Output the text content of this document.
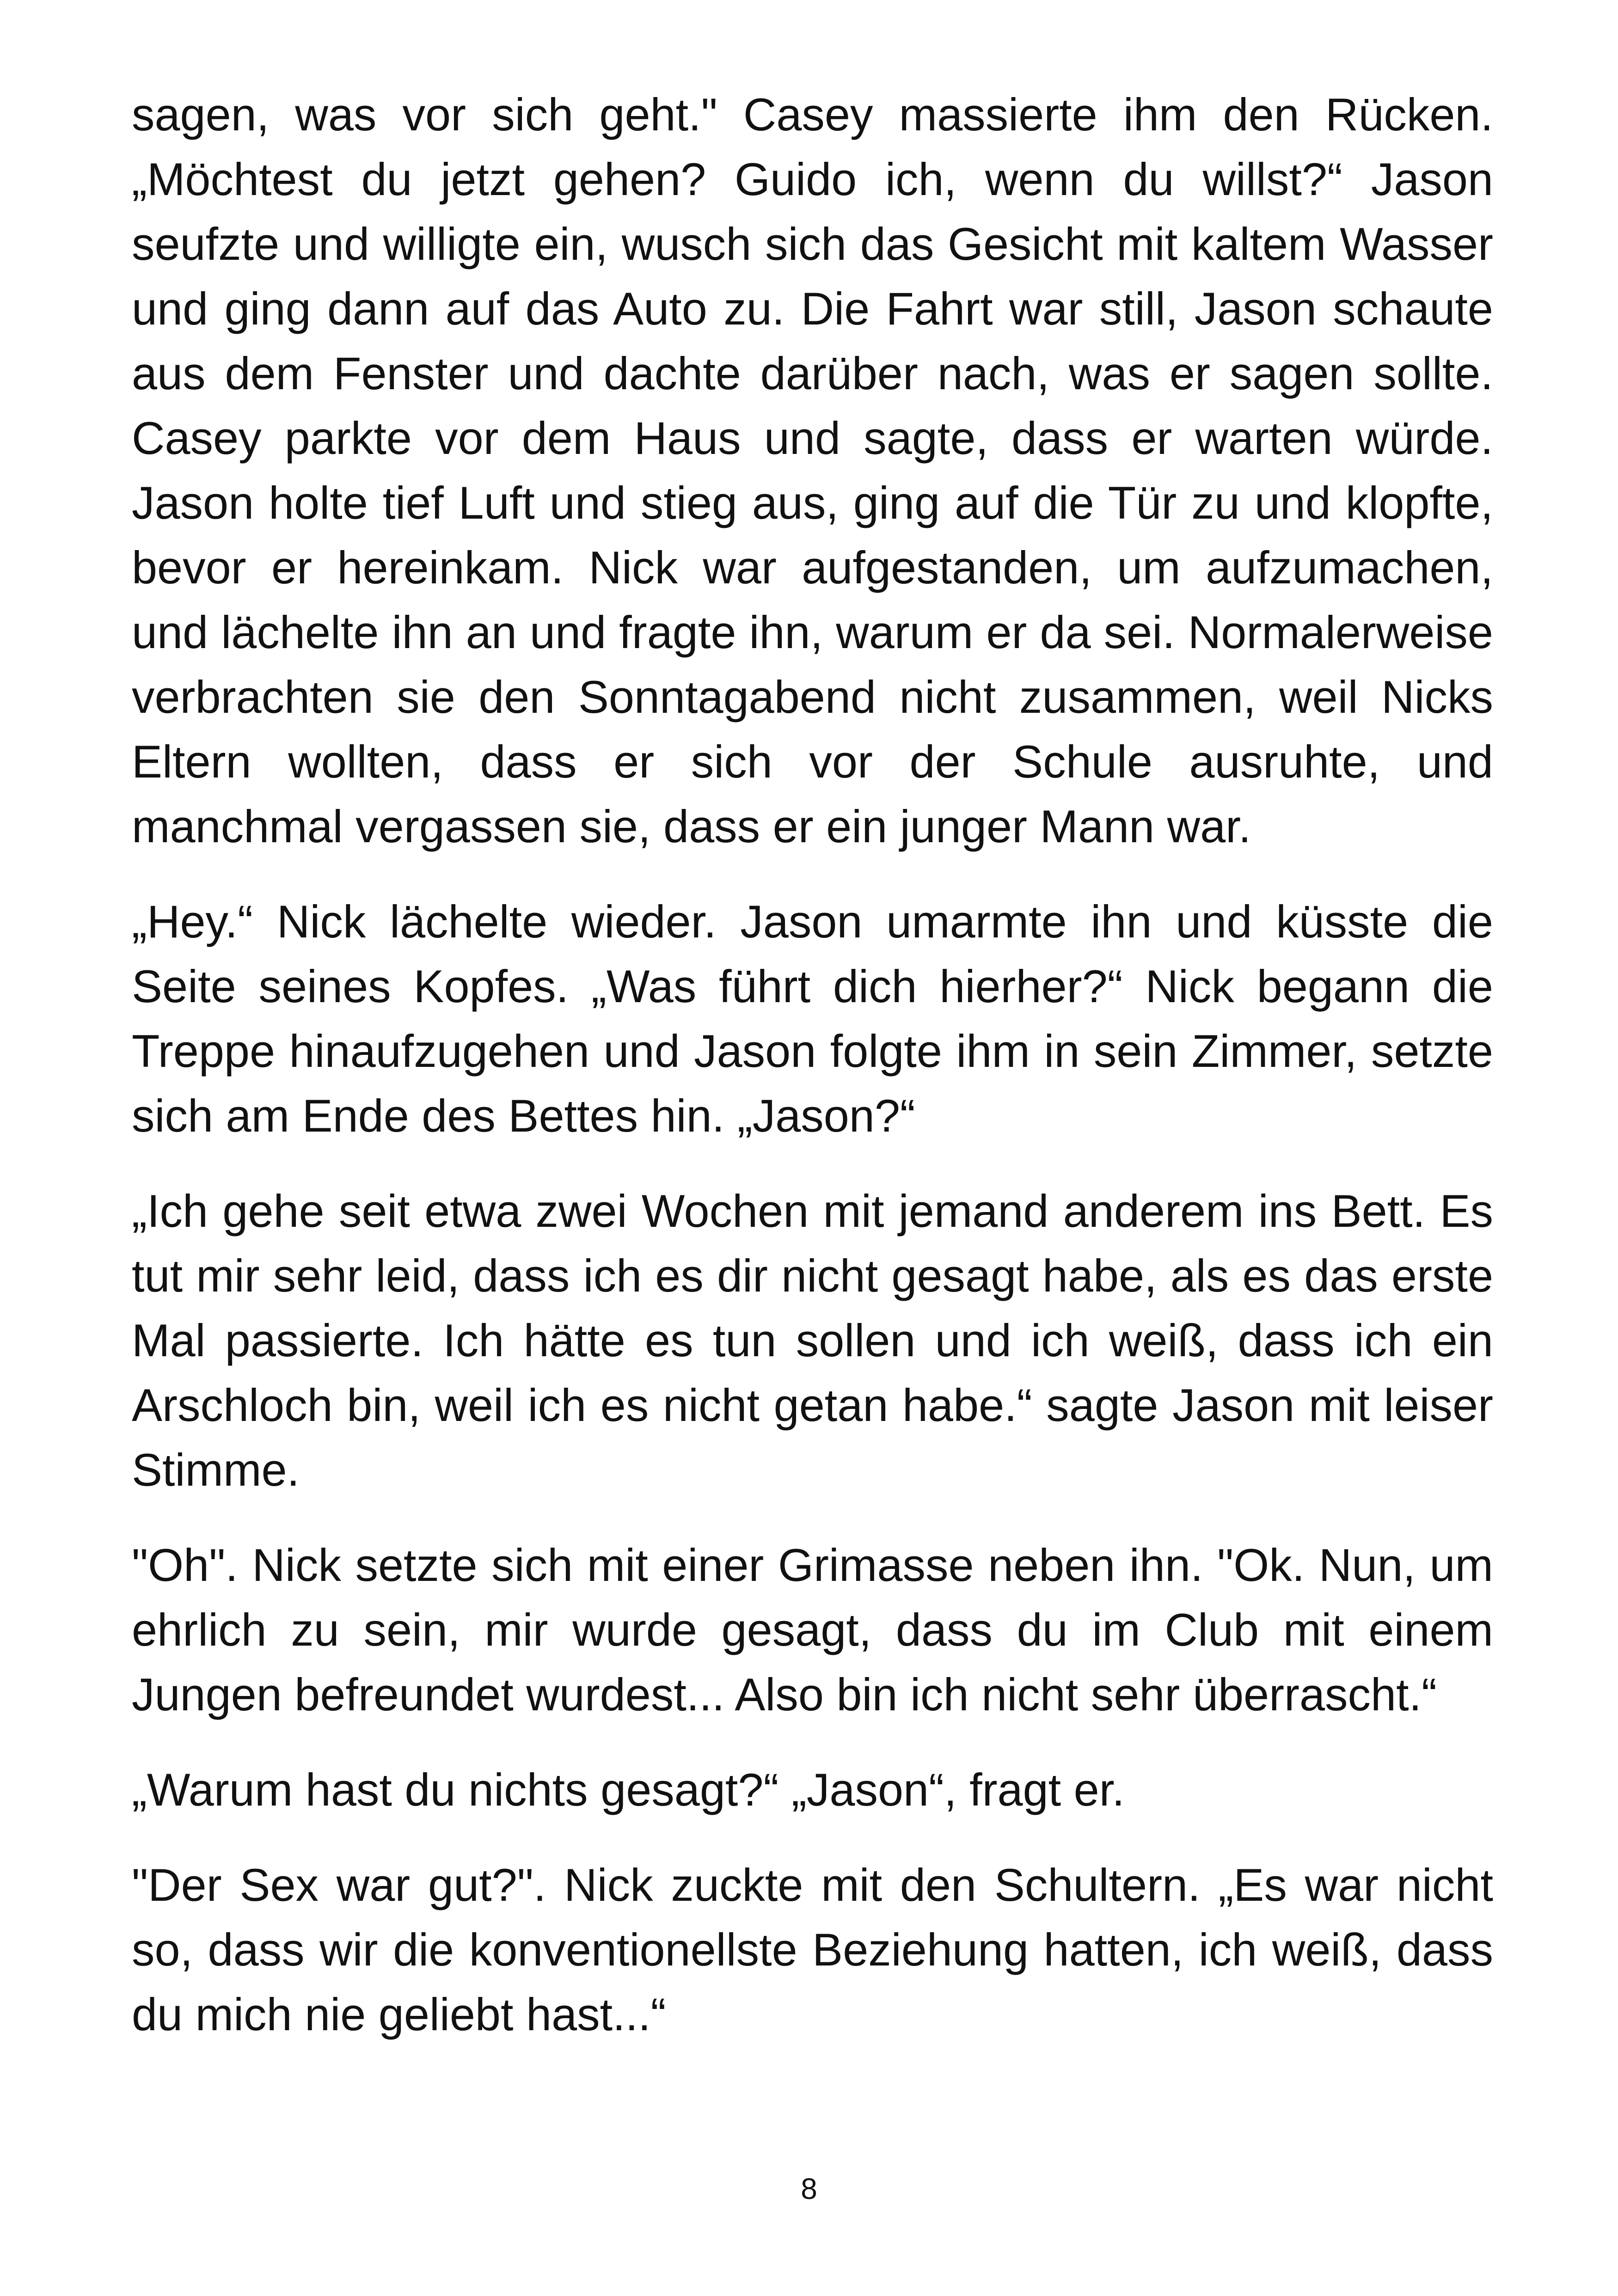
sagen, was vor sich geht." Casey massierte ihm den Rücken. „Möchtest du jetzt gehen? Guido ich, wenn du willst?“ Jason seufzte und willigte ein, wusch sich das Gesicht mit kaltem Wasser und ging dann auf das Auto zu. Die Fahrt war still, Jason schaute aus dem Fenster und dachte darüber nach, was er sagen sollte. Casey parkte vor dem Haus und sagte, dass er warten würde. Jason holte tief Luft und stieg aus, ging auf die Tür zu und klopfte, bevor er hereinkam. Nick war aufgestanden, um aufzumachen, und lächelte ihn an und fragte ihn, warum er da sei. Normalerweise verbrachten sie den Sonntagabend nicht zusammen, weil Nicks Eltern wollten, dass er sich vor der Schule ausruhte, und manchmal vergassen sie, dass er ein junger Mann war.

„Hey.“ Nick lächelte wieder. Jason umarmte ihn und küsste die Seite seines Kopfes. „Was führt dich hierher?“ Nick begann die Treppe hinaufzugehen und Jason folgte ihm in sein Zimmer, setzte sich am Ende des Bettes hin. „Jason?“

„Ich gehe seit etwa zwei Wochen mit jemand anderem ins Bett. Es tut mir sehr leid, dass ich es dir nicht gesagt habe, als es das erste Mal passierte. Ich hätte es tun sollen und ich weiß, dass ich ein Arschloch bin, weil ich es nicht getan habe.“ sagte Jason mit leiser Stimme.

"Oh". Nick setzte sich mit einer Grimasse neben ihn. "Ok. Nun, um ehrlich zu sein, mir wurde gesagt, dass du im Club mit einem Jungen befreundet wurdest... Also bin ich nicht sehr überrascht.“

„Warum hast du nichts gesagt?“ „Jason“, fragt er.

"Der Sex war gut?". Nick zuckte mit den Schultern. „Es war nicht so, dass wir die konventionellste Beziehung hatten, ich weiß, dass du mich nie geliebt hast...“

8
